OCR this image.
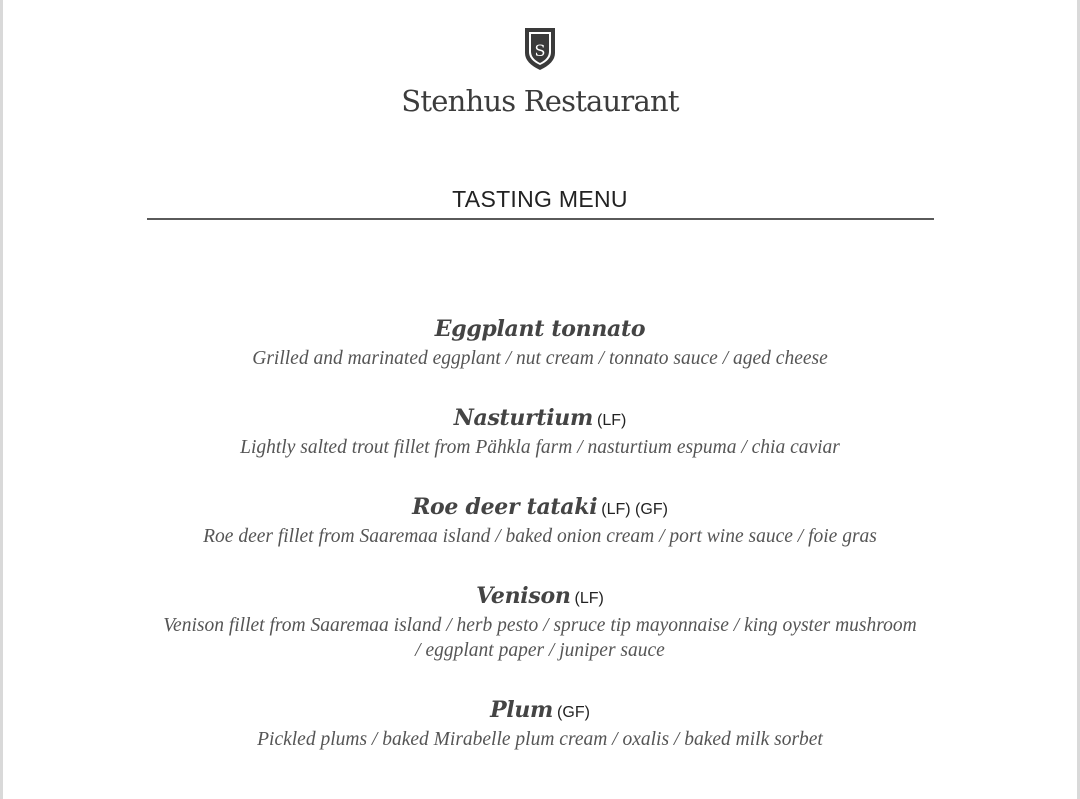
S
Stenhus Restaurant
TASTING MENU
Eggplant tonnato
Grilled and marinated eggplant / nut cream / tonnato sauce / aged cheese
Nasturtium (LF)
Lightly salted trout fillet from Pähkla farm / nasturtium espuma / chia caviar
Roe deer tataki (LF) (GF)
Roe deer fillet from Saaremaa island / baked onion cream / port wine sauce / foie gras
Venison (LF)
Venison fillet from Saaremaa island / herb pesto / spruce tip mayonnaise / king oyster mushroom
/ eggplant paper / juniper sauce
Plum (GF)
Pickled plums / baked Mirabelle plum cream / oxalis / baked milk sorbet
